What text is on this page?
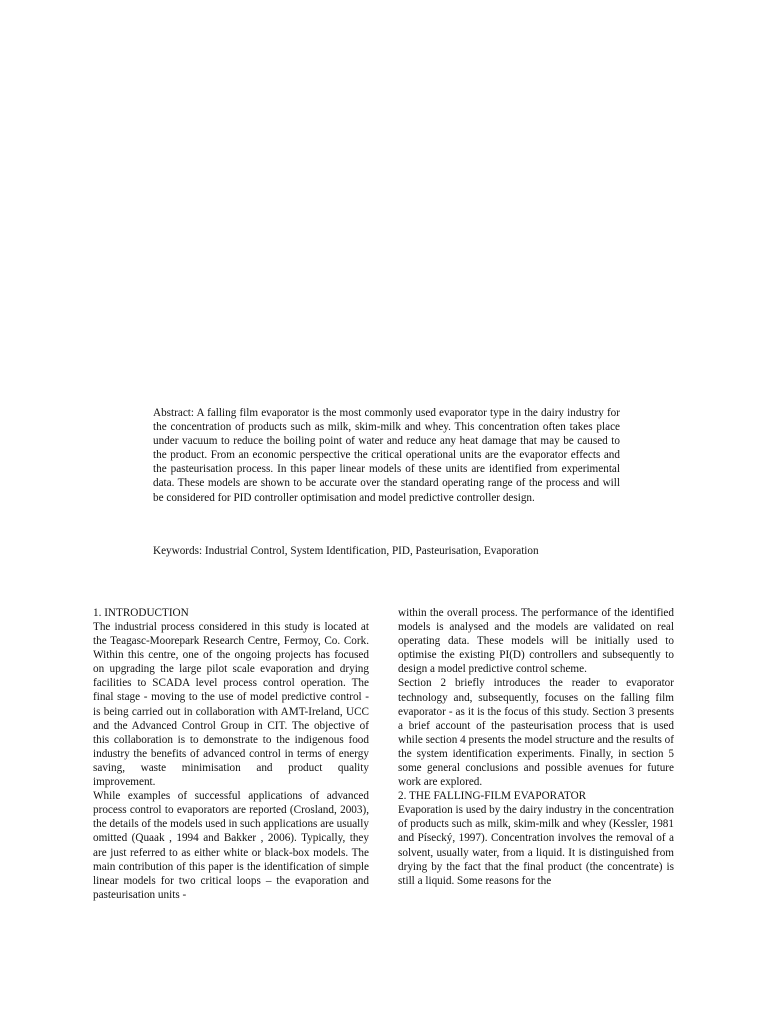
Abstract: A falling film evaporator is the most commonly used evaporator type in the dairy industry for the concentration of products such as milk, skim-milk and whey. This concentration often takes place under vacuum to reduce the boiling point of water and reduce any heat damage that may be caused to the product. From an economic perspective the critical operational units are the evaporator effects and the pasteurisation process. In this paper linear models of these units are identified from experimental data. These models are shown to be accurate over the standard operating range of the process and will be considered for PID controller optimisation and model predictive controller design.
Keywords: Industrial Control, System Identification, PID, Pasteurisation, Evaporation

1. INTRODUCTION

The industrial process considered in this study is located at the Teagasc-Moorepark Research Centre, Fermoy, Co. Cork. Within this centre, one of the ongoing projects has focused on upgrading the large pilot scale evaporation and drying facilities to SCADA level process control operation. The final stage - moving to the use of model predictive control - is being carried out in collaboration with AMT-Ireland, UCC and the Advanced Control Group in CIT. The objective of this collaboration is to demonstrate to the indigenous food industry the benefits of advanced control in terms of energy saving, waste minimisation and product quality improvement.

While examples of successful applications of advanced process control to evaporators are reported (Crosland, 2003), the details of the models used in such applications are usually omitted (Quaak , 1994 and Bakker , 2006). Typically, they are just referred to as either white or black-box models. The main contribution of this paper is the identification of simple linear models for two critical loops – the evaporation and pasteurisation units -

within the overall process. The performance of the identified models is analysed and the models are validated on real operating data. These models will be initially used to optimise the existing PI(D) controllers and subsequently to design a model predictive control scheme.

Section 2 briefly introduces the reader to evaporator technology and, subsequently, focuses on the falling film evaporator - as it is the focus of this study. Section 3 presents a brief account of the pasteurisation process that is used while section 4 presents the model structure and the results of the system identification experiments. Finally, in section 5 some general conclusions and possible avenues for future work are explored.

2. THE FALLING-FILM EVAPORATOR

Evaporation is used by the dairy industry in the concentration of products such as milk, skim-milk and whey (Kessler, 1981 and Písecký, 1997). Concentration involves the removal of a solvent, usually water, from a liquid. It is distinguished from drying by the fact that the final product (the concentrate) is still a liquid. Some reasons for the
